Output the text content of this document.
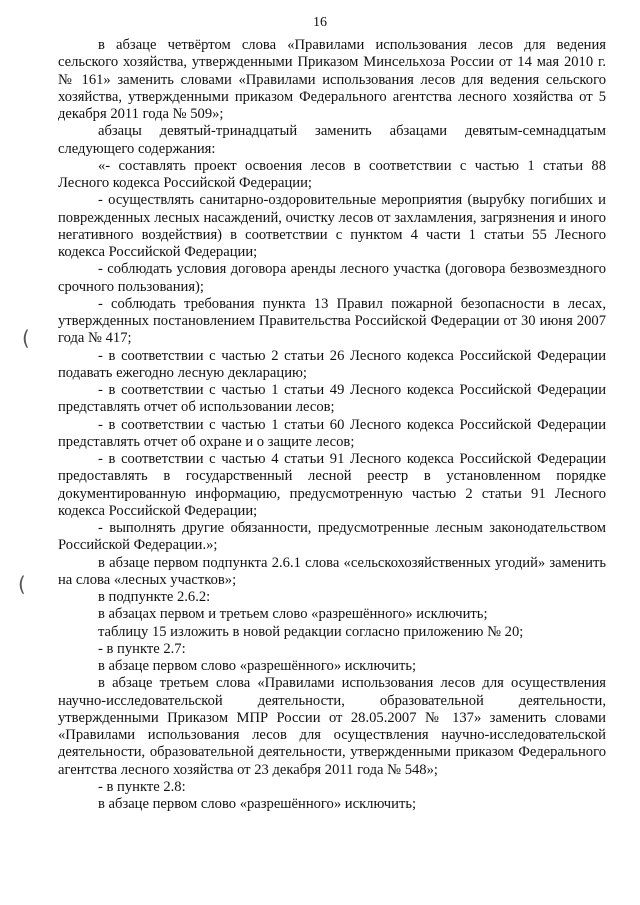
16

в абзаце четвёртом слова «Правилами использования лесов для ведения сельского хозяйства, утвержденными Приказом Минсельхоза России от 14 мая 2010 г. № 161» заменить словами «Правилами использования лесов для ведения сельского хозяйства, утвержденными приказом Федерального агентства лесного хозяйства от 5 декабря 2011 года № 509»;

абзацы девятый-тринадцатый заменить абзацами девятым-семнадцатым следующего содержания:

«- составлять проект освоения лесов в соответствии с частью 1 статьи 88 Лесного кодекса Российской Федерации;

- осуществлять санитарно-оздоровительные мероприятия (вырубку погибших и поврежденных лесных насаждений, очистку лесов от захламления, загрязнения и иного негативного воздействия) в соответствии с пунктом 4 части 1 статьи 55 Лесного кодекса Российской Федерации;

- соблюдать условия договора аренды лесного участка (договора безвозмездного срочного пользования);

- соблюдать требования пункта 13 Правил пожарной безопасности в лесах, утвержденных постановлением Правительства Российской Федерации от 30 июня 2007 года № 417;

- в соответствии с частью 2 статьи 26 Лесного кодекса Российской Федерации подавать ежегодно лесную декларацию;

- в соответствии с частью 1 статьи 49 Лесного кодекса Российской Федерации представлять отчет об использовании лесов;

- в соответствии с частью 1 статьи 60 Лесного кодекса Российской Федерации представлять отчет об охране и о защите лесов;

- в соответствии с частью 4 статьи 91 Лесного кодекса Российской Федерации предоставлять в государственный лесной реестр в установленном порядке документированную информацию, предусмотренную частью 2 статьи 91 Лесного кодекса Российской Федерации;

- выполнять другие обязанности, предусмотренные лесным законодательством Российской Федерации.»;

в абзаце первом подпункта 2.6.1 слова «сельскохозяйственных угодий» заменить на слова «лесных участков»;

в подпункте 2.6.2:

в абзацах первом и третьем слово «разрешённого» исключить;

таблицу 15 изложить в новой редакции согласно приложению № 20;

- в пункте 2.7:

в абзаце первом слово «разрешённого» исключить;

в абзаце третьем слова «Правилами использования лесов для осуществления научно-исследовательской деятельности, образовательной деятельности, утвержденными Приказом МПР России от 28.05.2007 № 137» заменить словами «Правилами использования лесов для осуществления научно-исследовательской деятельности, образовательной деятельности, утвержденными приказом Федерального агентства лесного хозяйства от 23 декабря 2011 года № 548»;

- в пункте 2.8:

в абзаце первом слово «разрешённого» исключить;

(
(
